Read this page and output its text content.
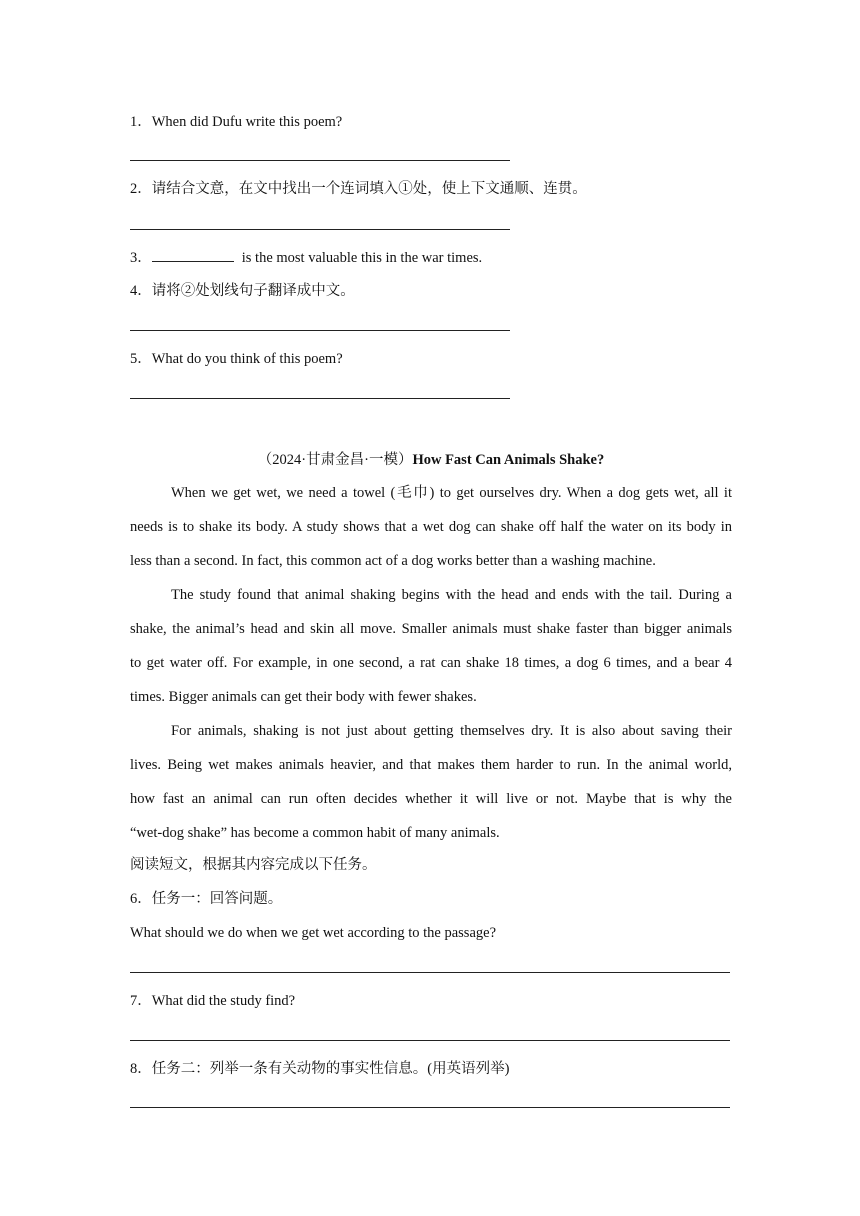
1．When did Dufu write this poem?
2．请结合文意，在文中找出一个连词填入①处，使上下文通顺、连贯。
3．	is the most valuable this in the war times.
4．请将②处划线句子翻译成中文。
5．What do you think of this poem?
（2024·甘肃金昌·一模）How Fast Can Animals Shake?
When we get wet, we need a towel (毛巾) to get ourselves dry. When a dog gets wet, all it
needs is to shake its body. A study shows that a wet dog can shake off half the water on its body in
less than a second. In fact, this common act of a dog works better than a washing machine.
The study found that animal shaking begins with the head and ends with the tail. During a
shake, the animal’s head and skin all move. Smaller animals must shake faster than bigger animals
to get water off. For example, in one second, a rat can shake 18 times, a dog 6 times, and a bear 4
times. Bigger animals can get their body with fewer shakes.
For animals, shaking is not just about getting themselves dry. It is also about saving their
lives. Being wet makes animals heavier, and that makes them harder to run. In the animal world,
how fast an animal can run often decides whether it will live or not. Maybe that is why the
“wet-dog shake” has become a common habit of many animals.
阅读短文，根据其内容完成以下任务。
6．任务一：回答问题。
What should we do when we get wet according to the passage?
7．What did the study find?
8．任务二：列举一条有关动物的事实性信息。(用英语列举)
